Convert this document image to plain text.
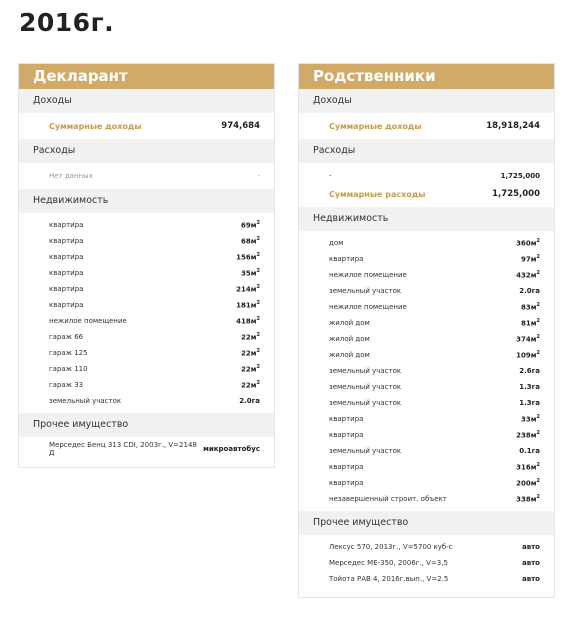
2016г.
Декларант
Доходы
Суммарные доходы	974,684
Расходы
Нет данных	-
Недвижимость
квартира	$69м^2$
квартира	$68м^2$
квартира	$156м^2$
квартира	$35м^2$
квартира	$214м^2$
квартира	$181м^2$
нежилое помещение	$418м^2$
гараж 66	$22м^2$
гараж 125	$22м^2$
гараж 110	$22м^2$
гараж 33	$22м^2$
земельный участок	2.0га
Прочее имущество
Мерседес Бенц 313 CDI, 2003г., V=2148 Д	микроавтобус
Родственники
Доходы
Суммарные доходы	18,918,244
Расходы
-	1,725,000
Суммарные расходы	1,725,000
Недвижимость
дом	$360м^2$
квартира	$97м^2$
нежилое помещение	$432м^2$
земельный участок	2.0га
нежилое помещение	$83м^2$
жилой дом	$81м^2$
жилой дом	$374м^2$
жилой дом	$109м^2$
земельный участок	2.6га
земельный участок	1.3га
земельный участок	1.3га
квартира	$33м^2$
квартира	$238м^2$
земельный участок	0.1га
квартира	$316м^2$
квартира	$200м^2$
незавершенный строит. объект	$338м^2$
Прочее имущество
Лексус 570, 2013г., V=5700 куб-с	авто
Мерседес МЕ-350, 2006г., V=3,5	авто
Тойота РАВ 4, 2016г.вып., V=2.5	авто
